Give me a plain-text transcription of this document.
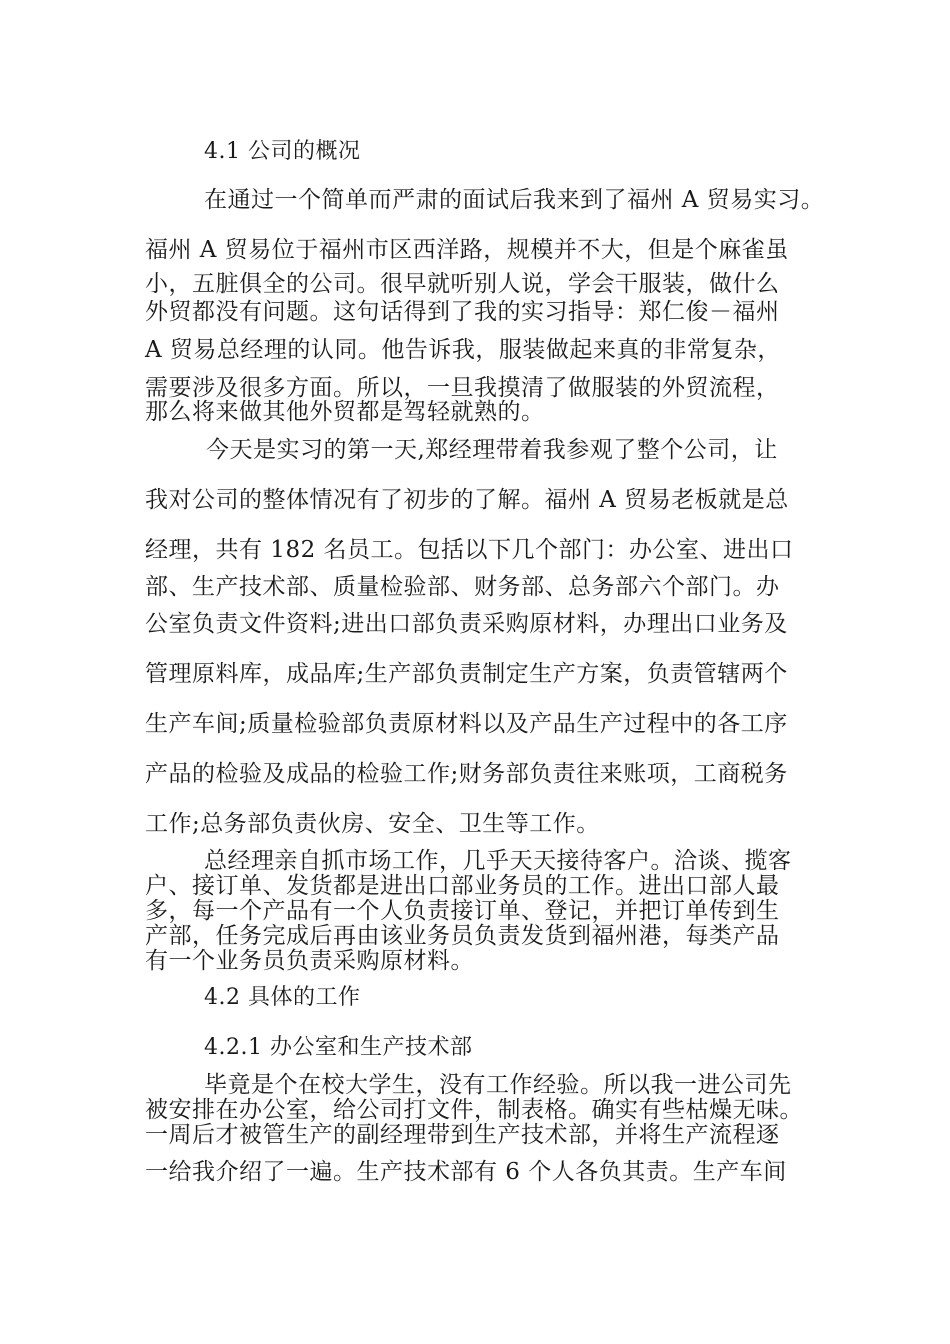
4.1 公司的概况
在通过一个简单而严肃的面试后我来到了福州 A 贸易实习。
福州 A 贸易位于福州市区西洋路，规模并不大，但是个麻雀虽
小，五脏俱全的公司。很早就听别人说，学会干服装，做什么
外贸都没有问题。这句话得到了我的实习指导：郑仁俊－福州
A 贸易总经理的认同。他告诉我，服装做起来真的非常复杂，
需要涉及很多方面。所以，一旦我摸清了做服装的外贸流程，
那么将来做其他外贸都是驾轻就熟的。
今天是实习的第一天,郑经理带着我参观了整个公司，让
我对公司的整体情况有了初步的了解。福州 A 贸易老板就是总
经理，共有 182 名员工。包括以下几个部门：办公室、进出口
部、生产技术部、质量检验部、财务部、总务部六个部门。办
公室负责文件资料;进出口部负责采购原材料，办理出口业务及
管理原料库，成品库;生产部负责制定生产方案，负责管辖两个
生产车间;质量检验部负责原材料以及产品生产过程中的各工序
产品的检验及成品的检验工作;财务部负责往来账项，工商税务
工作;总务部负责伙房、安全、卫生等工作。
总经理亲自抓市场工作，几乎天天接待客户。洽谈、揽客
户、接订单、发货都是进出口部业务员的工作。进出口部人最
多，每一个产品有一个人负责接订单、登记，并把订单传到生
产部，任务完成后再由该业务员负责发货到福州港，每类产品
有一个业务员负责采购原材料。
4.2 具体的工作
4.2.1 办公室和生产技术部
毕竟是个在校大学生，没有工作经验。所以我一进公司先
被安排在办公室，给公司打文件，制表格。确实有些枯燥无味。
一周后才被管生产的副经理带到生产技术部，并将生产流程逐
一给我介绍了一遍。生产技术部有 6 个人各负其责。生产车间
